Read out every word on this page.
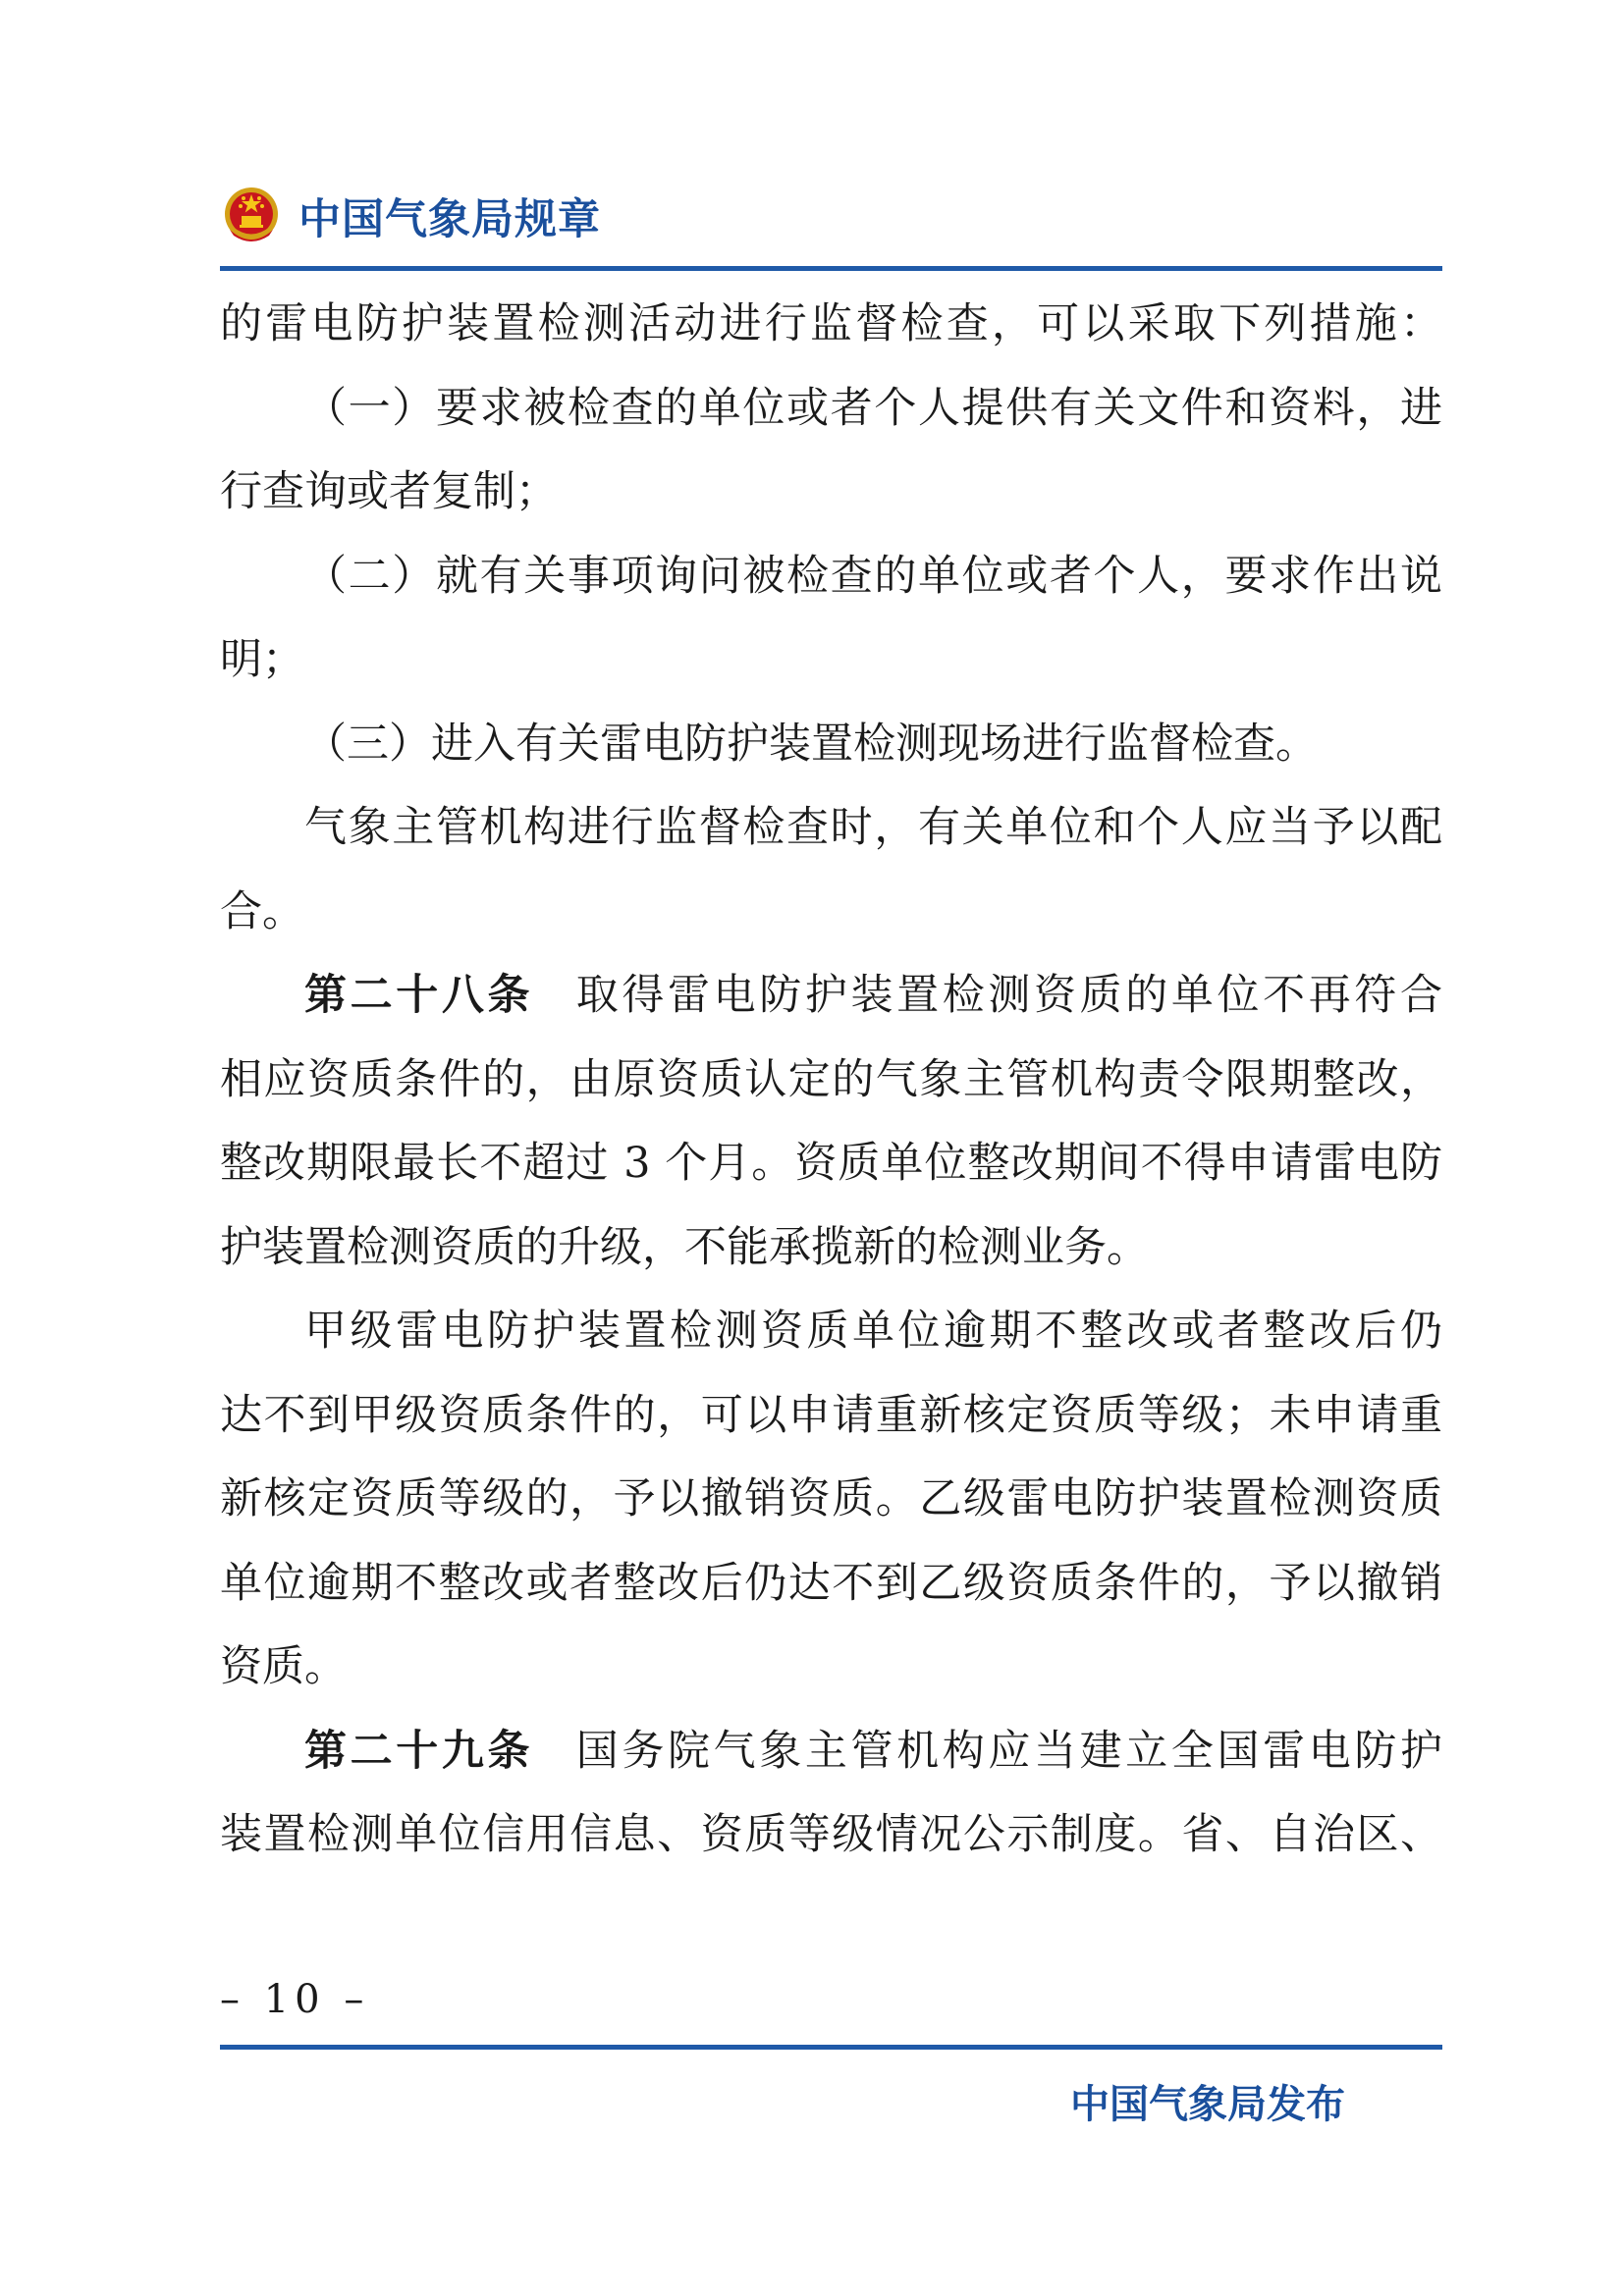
中国气象局规章
的雷电防护装置检测活动进行监督检查，可以采取下列措施：
（一）要求被检查的单位或者个人提供有关文件和资料，进
行查询或者复制；
（二）就有关事项询问被检查的单位或者个人，要求作出说
明；
（三）进入有关雷电防护装置检测现场进行监督检查。
气象主管机构进行监督检查时，有关单位和个人应当予以配
合。
第二十八条 取得雷电防护装置检测资质的单位不再符合
相应资质条件的，由原资质认定的气象主管机构责令限期整改，
整改期限最长不超过 3 个月。资质单位整改期间不得申请雷电防
护装置检测资质的升级，不能承揽新的检测业务。
甲级雷电防护装置检测资质单位逾期不整改或者整改后仍
达不到甲级资质条件的，可以申请重新核定资质等级；未申请重
新核定资质等级的，予以撤销资质。乙级雷电防护装置检测资质
单位逾期不整改或者整改后仍达不到乙级资质条件的，予以撤销
资质。
第二十九条 国务院气象主管机构应当建立全国雷电防护
装置检测单位信用信息、资质等级情况公示制度。省、自治区、
– 10 –
中国气象局发布
